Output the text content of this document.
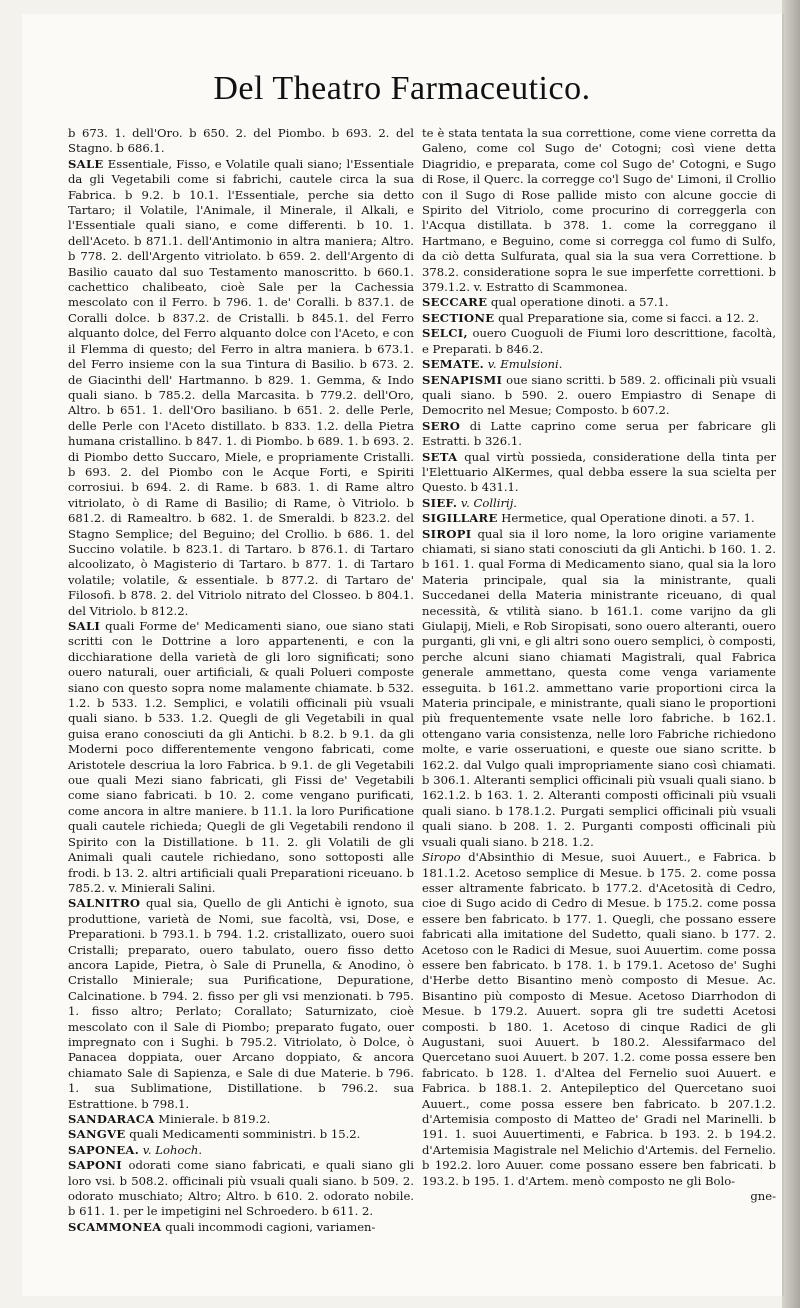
Del Theatro Farmaceutico.

b 673. 1. dell'Oro. b 650. 2. del Piombo. b 693. 2. del Stagno. b 686.1.

SALE Essentiale, Fisso, e Volatile quali siano; l'Essentiale da gli Vegetabili come si fabrichi, cautele circa la sua Fabrica. b 9.2. b 10.1. l'Essentiale, perche sia detto Tartaro; il Volatile, l'Animale, il Minerale, il Alkali, e l'Essentiale quali siano, e come differenti. b 10. 1. dell'Aceto. b 871.1. dell'Antimonio in altra maniera; Altro. b 778. 2. dell'Argento vitriolato. b 659. 2. dell'Argento di Basilio cauato dal suo Testamento manoscritto. b 660.1. cachettico chalibeato, cioè Sale per la Cachessia mescolato con il Ferro. b 796. 1. de' Coralli. b 837.1. de Coralli dolce. b 837.2. de Cristalli. b 845.1. del Ferro alquanto dolce, del Ferro alquanto dolce con l'Aceto, e con il Flemma di questo; del Ferro in altra maniera. b 673.1. del Ferro insieme con la sua Tintura di Basilio. b 673. 2. de Giacinthi dell' Hartmanno. b 829. 1. Gemma, & Indo quali siano. b 785.2. della Marcasita. b 779.2. dell'Oro, Altro. b 651. 1. dell'Oro basiliano. b 651. 2. delle Perle, delle Perle con l'Aceto distillato. b 833. 1.2. della Pietra humana cristallino. b 847. 1. di Piombo. b 689. 1. b 693. 2. di Piombo detto Succaro, Miele, e propriamente Cristalli. b 693. 2. del Piombo con le Acque Forti, e Spiriti corrosiui. b 694. 2. di Rame. b 683. 1. di Rame altro vitriolato, ò di Rame di Basilio; di Rame, ò Vitriolo. b 681.2. di Ramealtro. b 682. 1. de Smeraldi. b 823.2. del Stagno Semplice; del Beguino; del Crollio. b 686. 1. del Succino volatile. b 823.1. di Tartaro. b 876.1. di Tartaro alcoolizato, ò Magisterio di Tartaro. b 877. 1. di Tartaro volatile; volatile, & essentiale. b 877.2. di Tartaro de' Filosofi. b 878. 2. del Vitriolo nitrato del Closseo. b 804.1. del Vitriolo. b 812.2.

SALI quali Forme de' Medicamenti siano, oue siano stati scritti con le Dottrine a loro appartenenti, e con la dicchiaratione della varietà de gli loro significati; sono ouero naturali, ouer artificiali, & quali Polueri composte siano con questo sopra nome malamente chiamate. b 532. 1.2. b 533. 1.2. Semplici, e volatili officinali più vsuali quali siano. b 533. 1.2. Quegli de gli Vegetabili in qual guisa erano conosciuti da gli Antichi. b 8.2. b 9.1. da gli Moderni poco differentemente vengono fabricati, come Aristotele descriua la loro Fabrica. b 9.1. de gli Vegetabili oue quali Mezi siano fabricati, gli Fissi de' Vegetabili come siano fabricati. b 10. 2. come vengano purificati, come ancora in altre maniere. b 11.1. la loro Purificatione quali cautele richieda; Quegli de gli Vegetabili rendono il Spirito con la Distillatione. b 11. 2. gli Volatili de gli Animali quali cautele richiedano, sono sottoposti alle frodi. b 13. 2. altri artificiali quali Preparationi riceuano. b 785.2. v. Minierali Salini.

SALNITRO qual sia, Quello de gli Antichi è ignoto, sua produttione, varietà de Nomi, sue facoltà, vsi, Dose, e Preparationi. b 793.1. b 794. 1.2. cristallizato, ouero suoi Cristalli; preparato, ouero tabulato, ouero fisso detto ancora Lapide, Pietra, ò Sale di Prunella, & Anodino, ò Cristallo Minierale; sua Purificatione, Depuratione, Calcinatione. b 794. 2. fisso per gli vsi menzionati. b 795. 1. fisso altro; Perlato; Corallato; Saturnizato, cioè mescolato con il Sale di Piombo; preparato fugato, ouer impregnato con i Sughi. b 795.2. Vitriolato, ò Dolce, ò Panacea doppiata, ouer Arcano doppiato, & ancora chiamato Sale di Sapienza, e Sale di due Materie. b 796. 1. sua Sublimatione, Distillatione. b 796.2. sua Estrattione. b 798.1.

SANDARACA Minierale. b 819.2.

SANGVE quali Medicamenti somministri. b 15.2.

SAPONEA. v. Lohoch.

SAPONI odorati come siano fabricati, e quali siano gli loro vsi. b 508.2. officinali più vsuali quali siano. b 509. 2. odorato muschiato; Altro; Altro. b 610. 2. odorato nobile. b 611. 1. per le impetigini nel Schroedero. b 611. 2.

SCAMMONEA quali incommodi cagioni, variamen-

te è stata tentata la sua correttione, come viene corretta da Galeno, come col Sugo de' Cotogni; così viene detta Diagridio, e preparata, come col Sugo de' Cotogni, e Sugo di Rose, il Querc. la corregge co'l Sugo de' Limoni, il Crollio con il Sugo di Rose pallide misto con alcune goccie di Spirito del Vitriolo, come procurino di correggerla con l'Acqua distillata. b 378. 1. come la correggano il Hartmano, e Beguino, come si corregga col fumo di Sulfo, da ciò detta Sulfurata, qual sia la sua vera Correttione. b 378.2. consideratione sopra le sue imperfette correttioni. b 379.1.2. v. Estratto di Scammonea.

SECCARE qual operatione dinoti. a 57.1.

SECTIONE qual Preparatione sia, come si facci. a 12. 2.

SELCI, ouero Cuoguoli de Fiumi loro descrittione, facoltà, e Preparati. b 846.2.

SEMATE. v. Emulsioni.

SENAPISMI oue siano scritti. b 589. 2. officinali più vsuali quali siano. b 590. 2. ouero Empiastro di Senape di Democrito nel Mesue; Composto. b 607.2.

SERO di Latte caprino come serua per fabricare gli Estratti. b 326.1.

SETA qual virtù possieda, consideratione della tinta per l'Elettuario AlKermes, qual debba essere la sua scielta per Questo. b 431.1.

SIEF. v. Collirij.

SIGILLARE Hermetice, qual Operatione dinoti. a 57. 1.

SIROPI qual sia il loro nome, la loro origine variamente chiamati, si siano stati conosciuti da gli Antichi. b 160. 1. 2. b 161. 1. qual Forma di Medicamento siano, qual sia la loro Materia principale, qual sia la ministrante, quali Succedanei della Materia ministrante riceuano, di qual necessità, & vtilità siano. b 161.1. come varijno da gli Giulapij, Mieli, e Rob Siropisati, sono ouero alteranti, ouero purganti, gli vni, e gli altri sono ouero semplici, ò composti, perche alcuni siano chiamati Magistrali, qual Fabrica generale ammettano, questa come venga variamente esseguita. b 161.2. ammettano varie proportioni circa la Materia principale, e ministrante, quali siano le proportioni più frequentemente vsate nelle loro fabriche. b 162.1. ottengano varia consistenza, nelle loro Fabriche richiedono molte, e varie osseruationi, e queste oue siano scritte. b 162.2. dal Vulgo quali impropriamente siano così chiamati. b 306.1. Alteranti semplici officinali più vsuali quali siano. b 162.1.2. b 163. 1. 2. Alteranti composti officinali più vsuali quali siano. b 178.1.2. Purgati semplici officinali più vsuali quali siano. b 208. 1. 2. Purganti composti officinali più vsuali quali siano. b 218. 1.2.

Siropo d'Absinthio di Mesue, suoi Auuert., e Fabrica. b 181.1.2. Acetoso semplice di Mesue. b 175. 2. come possa esser altramente fabricato. b 177.2. d'Acetosità di Cedro, cioe di Sugo acido di Cedro di Mesue. b 175.2. come possa essere ben fabricato. b 177. 1. Quegli, che possano essere fabricati alla imitatione del Sudetto, quali siano. b 177. 2. Acetoso con le Radici di Mesue, suoi Auuertim. come possa essere ben fabricato. b 178. 1. b 179.1. Acetoso de' Sughi d'Herbe detto Bisantino menò composto di Mesue. Ac. Bisantino più composto di Mesue. Acetoso Diarrhodon di Mesue. b 179.2. Auuert. sopra gli tre sudetti Acetosi composti. b 180. 1. Acetoso di cinque Radici de gli Augustani, suoi Auuert. b 180.2. Alessifarmaco del Quercetano suoi Auuert. b 207. 1.2. come possa essere ben fabricato. b 128. 1. d'Altea del Fernelio suoi Auuert. e Fabrica. b 188.1. 2. Antepileptico del Quercetano suoi Auuert., come possa essere ben fabricato. b 207.1.2. d'Artemisia composto di Matteo de' Gradi nel Marinelli. b 191. 1. suoi Auuertimenti, e Fabrica. b 193. 2. b 194.2. d'Artemisia Magistrale nel Melichio d'Artemis. del Fernelio. b 192.2. loro Auuer. come possano essere ben fabricati. b 193.2. b 195. 1. d'Artem. menò composto ne gli Bolo-

gne-
